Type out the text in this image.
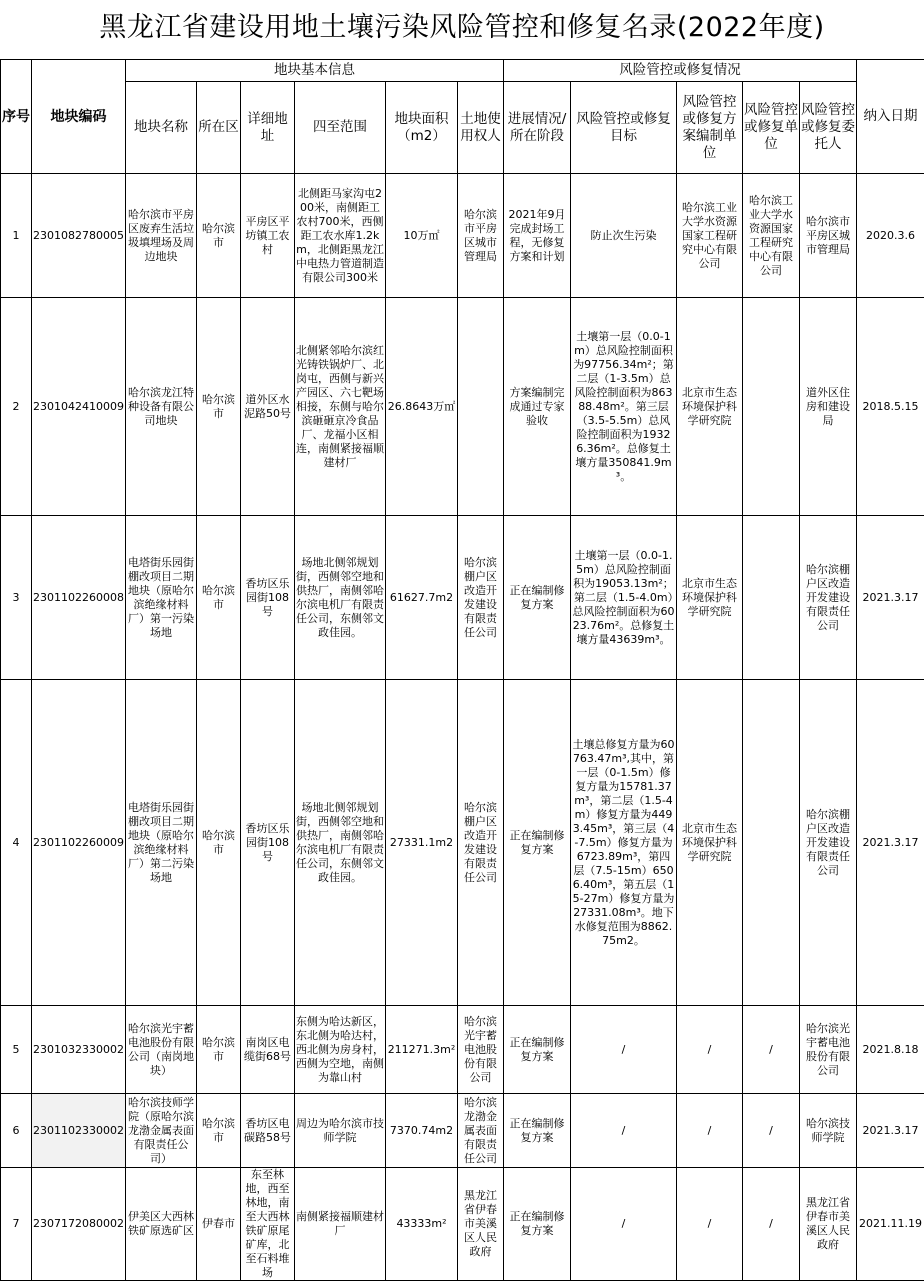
黑龙江省建设用地土壤污染风险管控和修复名录(2022年度)
序号	地块编码	地块基本信息						风险管控或修复情况					纳入日期
		地块名称	所在区	详细地址	四至范围	地块面积（m2）	土地使用权人	进展情况/所在阶段	风险管控或修复目标	风险管控或修复方案编制单位	风险管控或修复单位	风险管控或修复委托人	
1	2301082780005	哈尔滨市平房区废弃生活垃圾填埋场及周边地块	哈尔滨市	平房区平坊镇工农村	北侧距马家沟屯200米，南侧距工农村700米，西侧距工农水库1.2km，北侧距黑龙江中电热力管道制造有限公司300米	10万㎡	哈尔滨市平房区城市管理局	2021年9月完成封场工程，无修复方案和计划	防止次生污染	哈尔滨工业大学水资源国家工程研究中心有限公司	哈尔滨工业大学水资源国家工程研究中心有限公司	哈尔滨市平房区城市管理局	2020.3.6
2	2301042410009	哈尔滨龙江特种设备有限公司地块	哈尔滨市	道外区水泥路50号	北侧紧邻哈尔滨红光铸铁锅炉厂、北岗屯，西侧与新兴产园区、六七靶场相接，东侧与哈尔滨砸砸京冷食品厂、龙福小区相连，南侧紧接福顺建材厂	26.8643万㎡		方案编制完成通过专家验收	土壤第一层（0.0-1m）总风险控制面积为97756.34m²；第二层（1-3.5m）总风险控制面积为86388.48m²。第三层（3.5-5.5m）总风险控制面积为19326.36m²。总修复土壤方量350841.9m³。	北京市生态环境保护科学研究院		道外区住房和建设局	2018.5.15
3	2301102260008	电塔街乐园街棚改项目二期地块（原哈尔滨绝缘材料厂）第一污染场地	哈尔滨市	香坊区乐园街108号	场地北侧邻规划街，西侧邻空地和供热厂，南侧邻哈尔滨电机厂有限责任公司，东侧邻文政佳园。	61627.7m2	哈尔滨棚户区改造开发建设有限责任公司	正在编制修复方案	土壤第一层（0.0-1.5m）总风险控制面积为19053.13m²；第二层（1.5-4.0m）总风险控制面积为6023.76m²。总修复土壤方量43639m³。	北京市生态环境保护科学研究院		哈尔滨棚户区改造开发建设有限责任公司	2021.3.17
4	2301102260009	电塔街乐园街棚改项目二期地块（原哈尔滨绝缘材料厂）第二污染场地	哈尔滨市	香坊区乐园街108号	场地北侧邻规划街，西侧邻空地和供热厂，南侧邻哈尔滨电机厂有限责任公司，东侧邻文政佳园。	27331.1m2	哈尔滨棚户区改造开发建设有限责任公司	正在编制修复方案	土壤总修复方量为60763.47m³,其中，第一层（0-1.5m）修复方量为15781.37m³，第二层（1.5-4m）修复方量为4493.45m³，第三层（4-7.5m）修复方量为6723.89m³，第四层（7.5-15m）6506.40m³，第五层（15-27m）修复方量为27331.08m³。地下水修复范围为8862.75m2。	北京市生态环境保护科学研究院		哈尔滨棚户区改造开发建设有限责任公司	2021.3.17
5	2301032330002	哈尔滨光宇蓄电池股份有限公司（南岗地块）	哈尔滨市	南岗区电缆街68号	东侧为哈达新区，东北侧为哈达村，西北侧为房身村，西侧为空地，南侧为靠山村	211271.3m²	哈尔滨光宇蓄电池股份有限公司	正在编制修复方案	/	/	/	哈尔滨光宇蓄电池股份有限公司	2021.8.18
6	2301102330002	哈尔滨技师学院（原哈尔滨龙渤金属表面有限责任公司）	哈尔滨市	香坊区电碳路58号	周边为哈尔滨市技师学院	7370.74m2	哈尔滨龙渤金属表面有限责任公司	正在编制修复方案	/	/	/	哈尔滨技师学院	2021.3.17
7	2307172080002	伊美区大西林铁矿原选矿区	伊春市	东至林地，西至林地，南至大西林铁矿原尾矿库，北至石料堆场	南侧紧接福顺建材厂	43333m²	黑龙江省伊春市美溪区人民政府	正在编制修复方案	/	/	/	黑龙江省伊春市美溪区人民政府	2021.11.19
